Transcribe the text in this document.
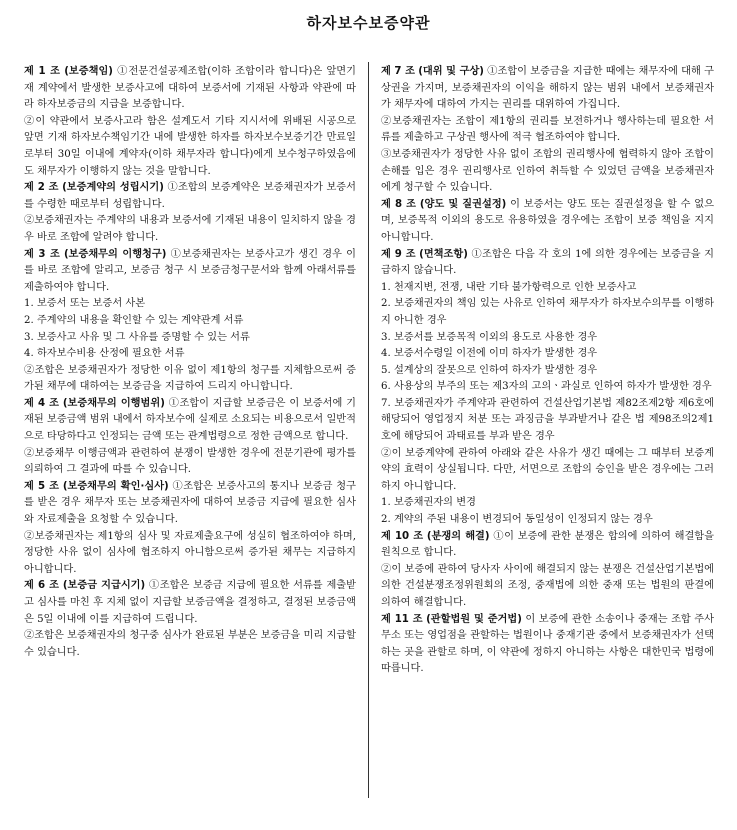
하자보수보증약관

제 1 조 (보증책임) ①전문건설공제조합(이하 조합이라 합니다)은 앞면기재 계약에서 발생한 보증사고에 대하여 보증서에 기재된 사항과 약관에 따라 하자보증금의 지급을 보증합니다.

②이 약관에서 보증사고라 함은 설계도서 기타 지시서에 위배된 시공으로 앞면 기재 하자보수책임기간 내에 발생한 하자를 하자보수보증기간 만료일로부터 30일 이내에 계약자(이하 채무자라 합니다)에게 보수청구하였음에도 채무자가 이행하지 않는 것을 말합니다.

제 2 조 (보증계약의 성립시기) ①조합의 보증계약은 보증채권자가 보증서를 수령한 때로부터 성립합니다.

②보증채권자는 주계약의 내용과 보증서에 기재된 내용이 일치하지 않을 경우 바로 조합에 알려야 합니다.

제 3 조 (보증채무의 이행청구) ①보증채권자는 보증사고가 생긴 경우 이를 바로 조합에 알리고, 보증금 청구 시 보증금청구문서와 함께 아래서류를 제출하여야 합니다.

1. 보증서 또는 보증서 사본

2. 주계약의 내용을 확인할 수 있는 계약관계 서류

3. 보증사고 사유 및 그 사유를 증명할 수 있는 서류

4. 하자보수비용 산정에 필요한 서류

②조합은 보증채권자가 정당한 이유 없이 제1항의 청구를 지체함으로써 증가된 채무에 대하여는 보증금을 지급하여 드리지 아니합니다.

제 4 조 (보증채무의 이행범위) ①조합이 지급할 보증금은 이 보증서에 기재된 보증금액 범위 내에서 하자보수에 실제로 소요되는 비용으로서 일반적으로 타당하다고 인정되는 금액 또는 관계법령으로 정한 금액으로 합니다.

②보증채무 이행금액과 관련하여 분쟁이 발생한 경우에 전문기관에 평가를 의뢰하여 그 결과에 따를 수 있습니다.

제 5 조 (보증채무의 확인·심사) ①조합은 보증사고의 통지나 보증금 청구를 받은 경우 채무자 또는 보증채권자에 대하여 보증금 지급에 필요한 심사와 자료제출을 요청할 수 있습니다.

②보증채권자는 제1항의 심사 및 자료제출요구에 성실히 협조하여야 하며, 정당한 사유 없이 심사에 협조하지 아니함으로써 증가된 채무는 지급하지 아니합니다.

제 6 조 (보증금 지급시기) ①조합은 보증금 지급에 필요한 서류를 제출받고 심사를 마친 후 지체 없이 지급할 보증금액을 결정하고, 결정된 보증금액은 5일 이내에 이를 지급하여 드립니다.

②조합은 보증채권자의 청구중 심사가 완료된 부분은 보증금을 미리 지급할 수 있습니다.

제 7 조 (대위 및 구상) ①조합이 보증금을 지급한 때에는 채무자에 대해 구상권을 가지며, 보증채권자의 이익을 해하지 않는 범위 내에서 보증채권자가 채무자에 대하여 가지는 권리를 대위하여 가집니다.

②보증채권자는 조합이 제1항의 권리를 보전하거나 행사하는데 필요한 서류를 제출하고 구상권 행사에 적극 협조하여야 합니다.

③보증채권자가 정당한 사유 없이 조합의 권리행사에 협력하지 않아 조합이 손해를 입은 경우 권리행사로 인하여 취득할 수 있었던 금액을 보증채권자에게 청구할 수 있습니다.

제 8 조 (양도 및 질권설정) 이 보증서는 양도 또는 질권설정을 할 수 없으며, 보증목적 이외의 용도로 유용하였을 경우에는 조합이 보증 책임을 지지 아니합니다.

제 9 조 (면책조항) ①조합은 다음 각 호의 1에 의한 경우에는 보증금을 지급하지 않습니다.

1. 천재지변, 전쟁, 내란 기타 불가항력으로 인한 보증사고

2. 보증채권자의 책임 있는 사유로 인하여 채무자가 하자보수의무를 이행하지 아니한 경우

3. 보증서를 보증목적 이외의 용도로 사용한 경우

4. 보증서수령일 이전에 이미 하자가 발생한 경우

5. 설계상의 잘못으로 인하여 하자가 발생한 경우

6. 사용상의 부주의 또는 제3자의 고의ㆍ과실로 인하여 하자가 발생한 경우

7. 보증채권자가 주계약과 관련하여 건설산업기본법 제82조제2항 제6호에 해당되어 영업정지 처분 또는 과징금을 부과받거나 같은 법 제98조의2제1호에 해당되어 과태료를 부과 받은 경우

②이 보증계약에 관하여 아래와 같은 사유가 생긴 때에는 그 때부터 보증계약의 효력이 상실됩니다. 다만, 서면으로 조합의 승인을 받은 경우에는 그러하지 아니합니다.

1. 보증채권자의 변경

2. 계약의 주된 내용이 변경되어 동일성이 인정되지 않는 경우

제 10 조 (분쟁의 해결) ①이 보증에 관한 분쟁은 합의에 의하여 해결함을 원칙으로 합니다.

②이 보증에 관하여 당사자 사이에 해결되지 않는 분쟁은 건설산업기본법에 의한 건설분쟁조정위원회의 조정, 중재법에 의한 중재 또는 법원의 판결에 의하여 해결합니다.

제 11 조 (관할법원 및 준거법) 이 보증에 관한 소송이나 중재는 조합 주사무소 또는 영업점을 관할하는 법원이나 중재기관 중에서 보증채권자가 선택하는 곳을 관할로 하며, 이 약관에 정하지 아니하는 사항은 대한민국 법령에 따릅니다.
